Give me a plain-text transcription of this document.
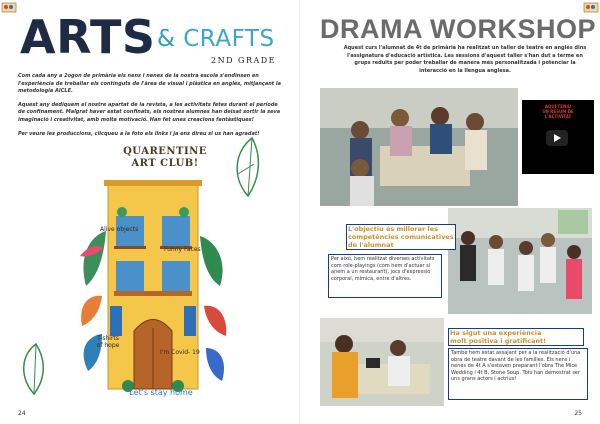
ARTS & CRAFTS
2ND GRADE

Com cada any a 2ogon de primària els nens i nenes de la nostra escola s'endinsen en l'experiència de treballar els continguts de l'àrea de visual i plàstica en anglès, mitjançant la metodologia AICLE.

Aquest any dediquem el nostre apartat de la revista, a les activitats fetes durant el període de confinament. Malgrat haver estat confinats, els nostres alumnes han deixat sortir la seva imaginació i creativitat, amb molta motivació. Han fet unes creacions fantàstiques!

Per veure les produccions, clicqueu a la foto els links i ja ens direu si us han agradat!

QUARENTINE
ART CLUB!
Alive objects
Funny Faces
T-shirts
of hope
I'm Covid- 19
Let's stay home
24
DRAMA WORKSHOP
Aquest curs l'alumnat de 4t de primària ha realitzat un taller de teatre en anglès dins l'assignatura d'educació artística. Les sessions d'aquest taller s'han dut a terme en grups reduïts per poder treballar de manera més personalitzada i potenciar la interacció en la llengua anglesa.
AQUÍ TENIU
UN RESUM DE
L'ACTIVITAT
L'objectiu és millorar les
competències comunicatives
de l'alumnat
Per això, hem realitzat diverses activitats com role-playings (com hem d'actuar si anem a un restaurant), jocs d'expressió corporal, mímica, entre d'altres.
Ha sigut una experiència
molt positiva i gratificant!
També hem estat assajant per a la realització d'una obra de teatre davant de les famílies. Els nens i nenes de 4t A s'estaven preparant l'obra The Mice Wedding i 4t B, Stone Soup. Tots han demostrat ser uns grans actors i actrius!
25
